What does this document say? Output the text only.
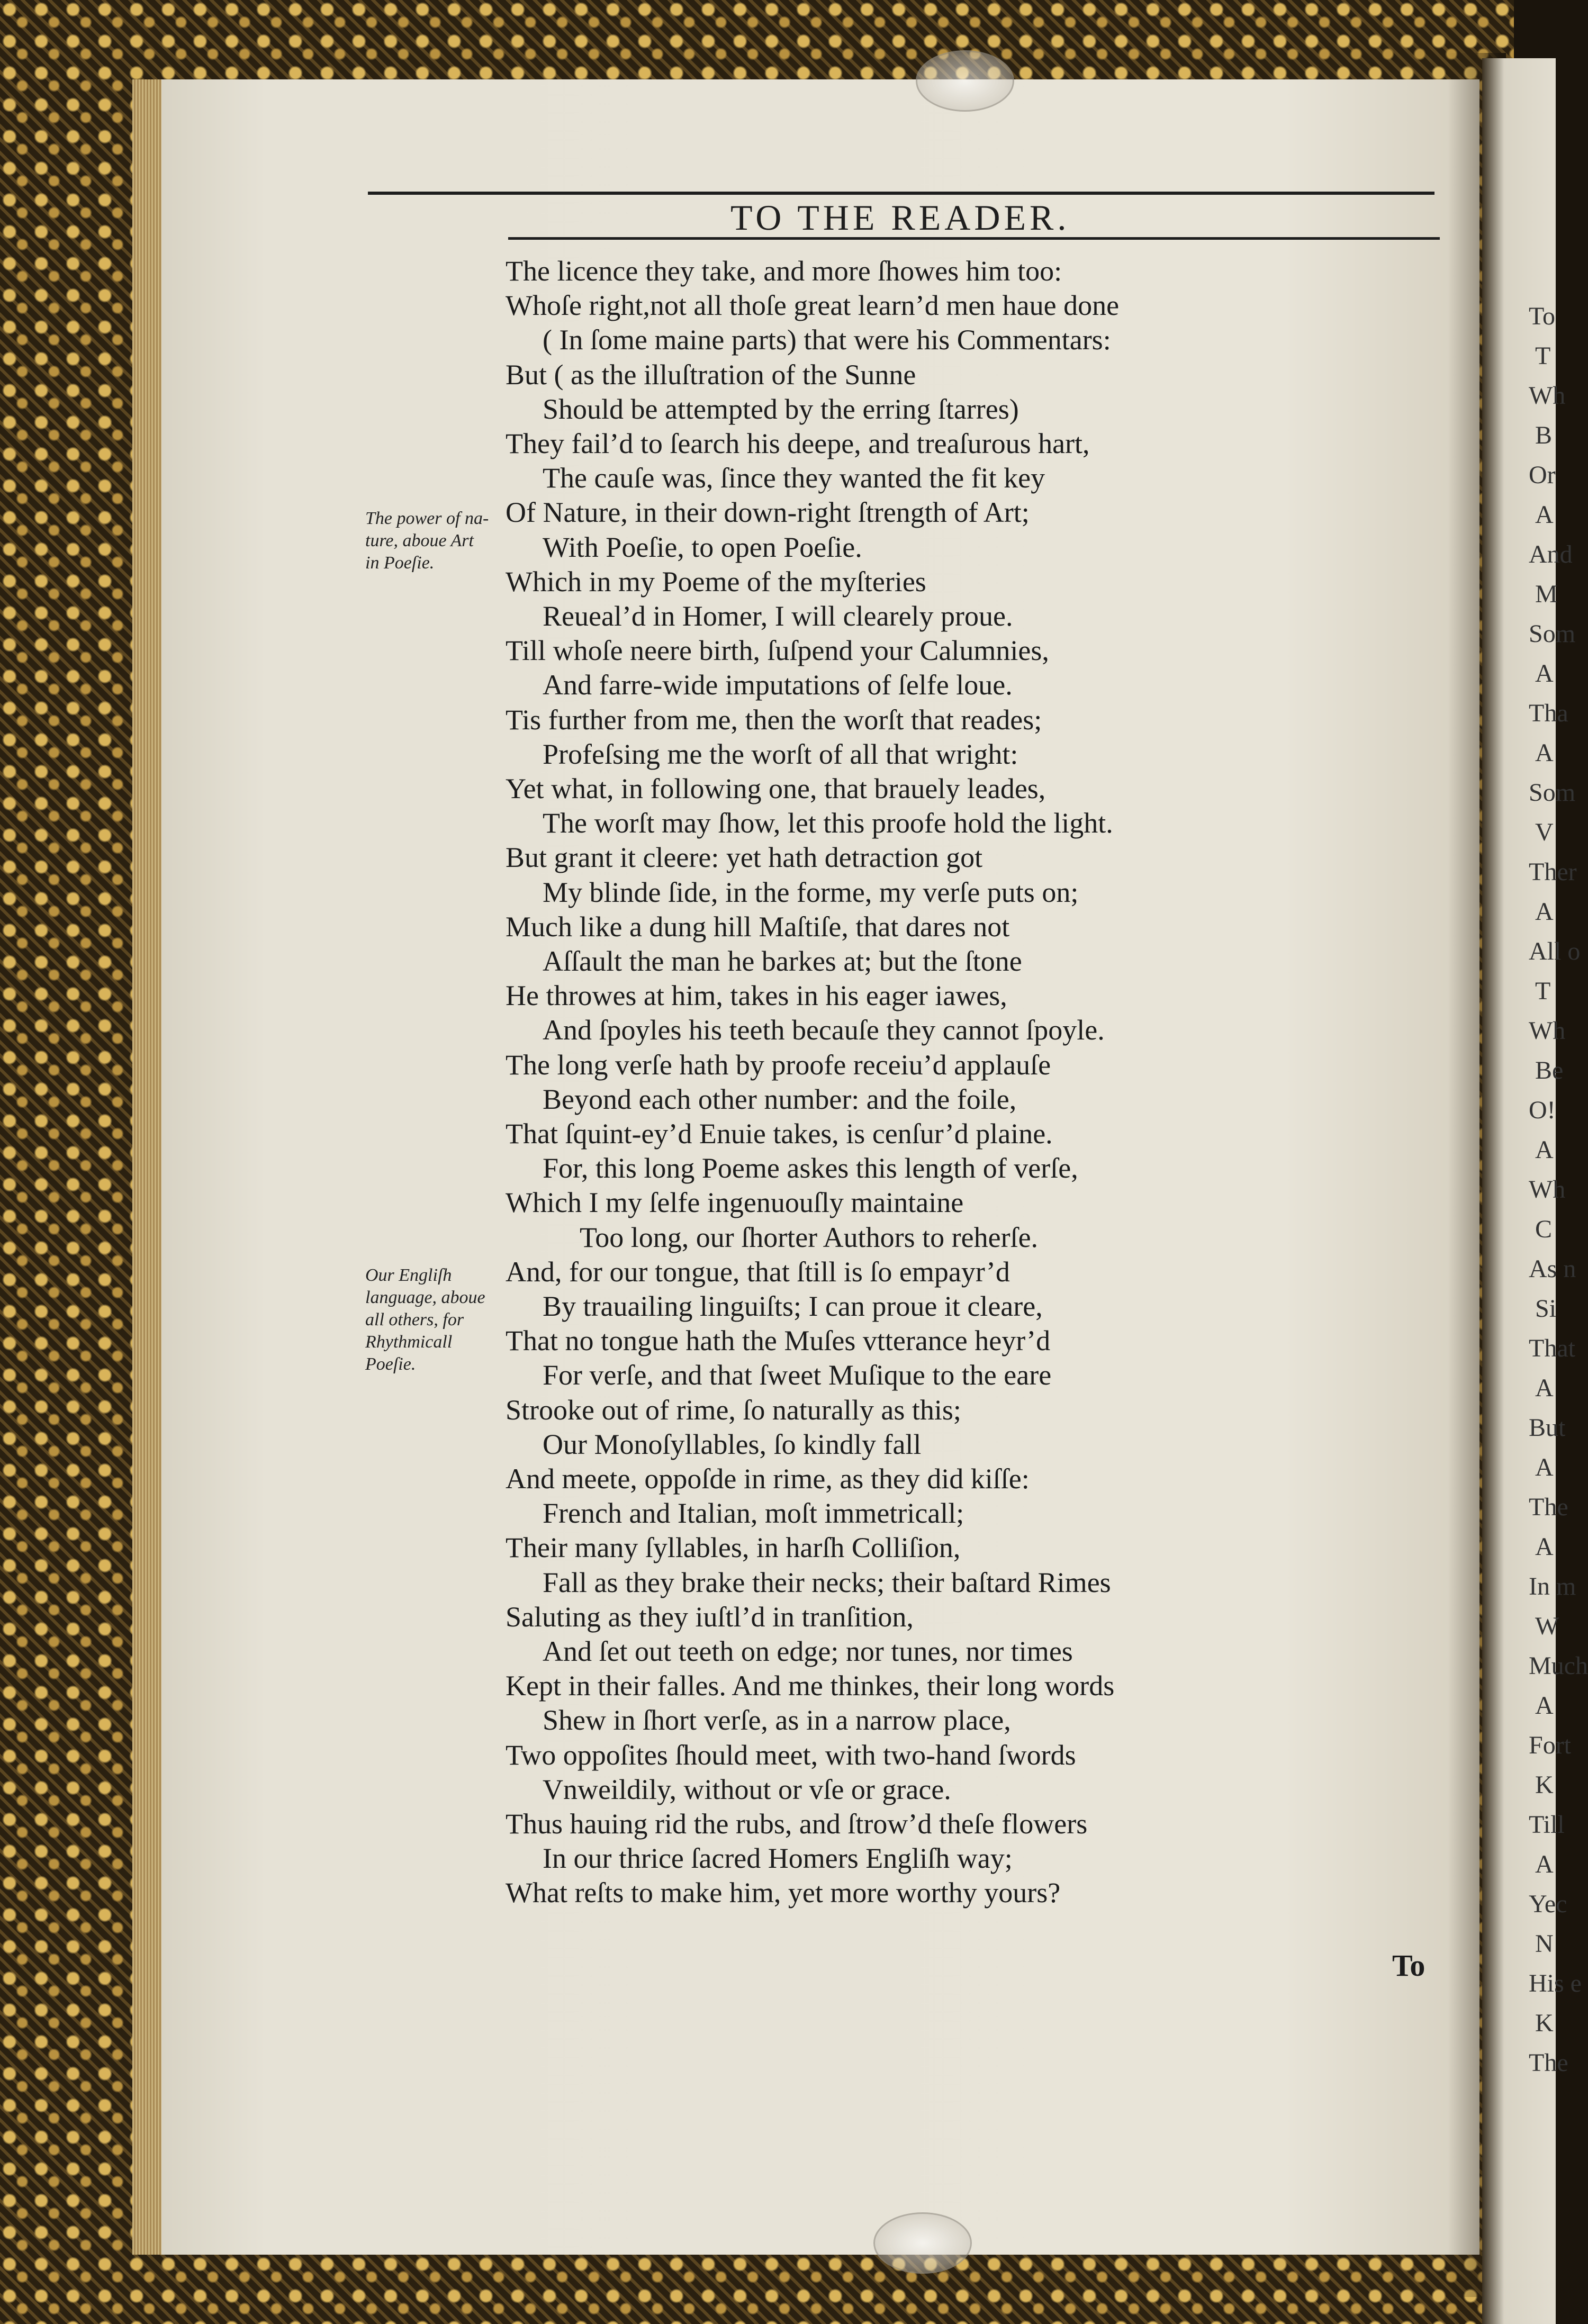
To
T
Wh
B
Or
A
And
M
Som
A
Tha
A
Som
V
Ther
A
All o
T
Wh
Be
O!
A
Wh
C
As n
Si
That
A
But
A
The
A
In m
W
Much
A
Fort
K
Till
A
Yec
N
His e
K
The
TO THE READER.
The licence they take, and more ſhowes him too:
Whoſe right,not all thoſe great learn’d men haue done
( In ſome maine parts) that were his Commentars:
But ( as the illuſtration of the Sunne
Should be attempted by the erring ſtarres)
They fail’d to ſearch his deepe, and treaſurous hart,
The cauſe was, ſince they wanted the fit key
Of Nature, in their down-right ſtrength of Art;
With Poeſie, to open Poeſie.
Which in my Poeme of the myſteries
Reueal’d in Homer, I will clearely proue.
Till whoſe neere birth, ſuſpend your Calumnies,
And farre-wide imputations of ſelfe loue.
Tis further from me, then the worſt that reades;
Profeſsing me the worſt of all that wright:
Yet what, in following one, that brauely leades,
The worſt may ſhow, let this proofe hold the light.
But grant it cleere: yet hath detraction got
My blinde ſide, in the forme, my verſe puts on;
Much like a dung hill Maſtiſe, that dares not
Aſſault the man he barkes at; but the ſtone
He throwes at him, takes in his eager iawes,
And ſpoyles his teeth becauſe they cannot ſpoyle.
The long verſe hath by proofe receiu’d applauſe
Beyond each other number: and the foile,
That ſquint-ey’d Enuie takes, is cenſur’d plaine.
For, this long Poeme askes this length of verſe,
Which I my ſelfe ingenuouſly maintaine
Too long, our ſhorter Authors to reherſe.
And, for our tongue, that ſtill is ſo empayr’d
By trauailing linguiſts; I can proue it cleare,
That no tongue hath the Muſes vtterance heyr’d
For verſe, and that ſweet Muſique to the eare
Strooke out of rime, ſo naturally as this;
Our Monoſyllables, ſo kindly fall
And meete, oppoſde in rime, as they did kiſſe:
French and Italian, moſt immetricall;
Their many ſyllables, in harſh Colliſion,
Fall as they brake their necks; their baſtard Rimes
Saluting as they iuſtl’d in tranſition,
And ſet out teeth on edge; nor tunes, nor times
Kept in their falles. And me thinkes, their long words
Shew in ſhort verſe, as in a narrow place,
Two oppoſites ſhould meet, with two-hand ſwords
Vnweildily, without or vſe or grace.
Thus hauing rid the rubs, and ſtrow’d theſe flowers
In our thrice ſacred Homers Engliſh way;
What reſts to make him, yet more worthy yours?
The power of na-
ture, aboue Art
in Poeſie.
Our Engliſh
language, aboue
all others, for
Rhythmicall
Poeſie.
To
